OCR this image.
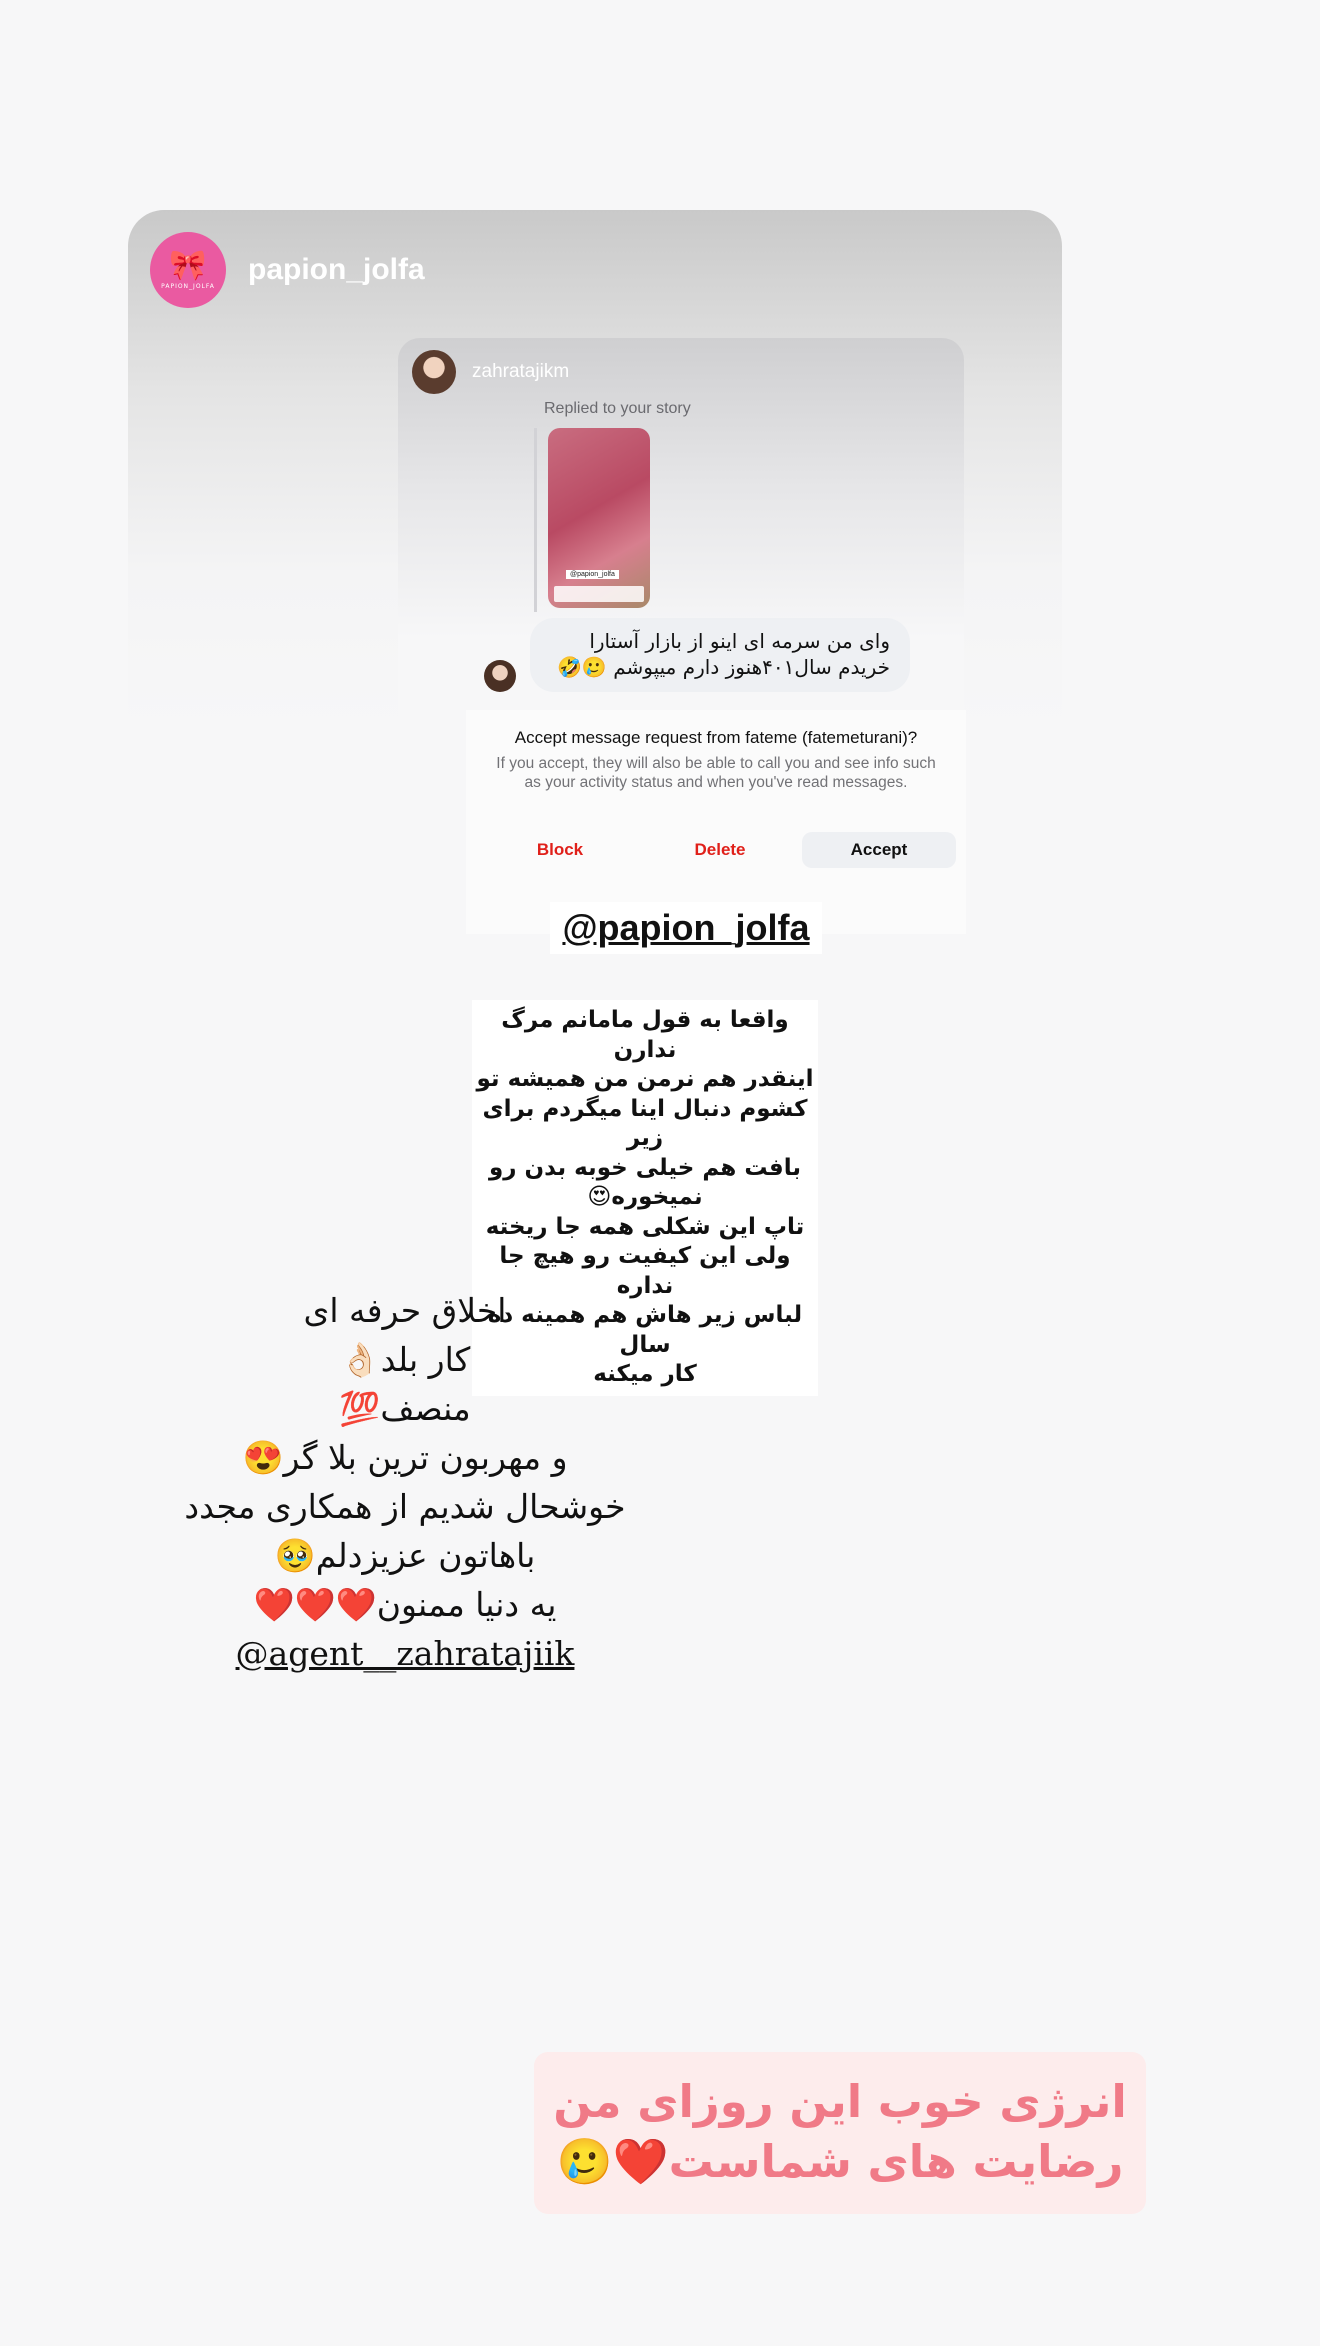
🎀
PAPION_JOLFA papion_jolfa
zahratajikm
Replied to your story
@papion_jolfa
وای من سرمه ای اینو از بازار آستارا خریدم سال۴۰۱هنوز دارم میپوشم 🥲🤣
Accept message request from fateme (fatemeturani)?
If you accept, they will also be able to call you and see info such as your activity status and when you've read messages.
Block	Delete	Accept
@papion_jolfa

واقعا به قول مامانم مرگ ندارن

اینقدر هم نرمن من همیشه تو

کشوم دنبال اینا میگردم برای زیر

بافت هم خیلی خوبه بدن رو

نمیخوره😍

تاپ این شکلی همه جا ریخته

ولی این کیفیت رو هیچ جا نداره

لباس زیر هاش هم همینه ده سال

کار میکنه

اخلاق حرفه ای

کار بلد👌🏻

منصف💯

و مهربون ترین بلا گر😍

خوشحال شدیم از همکاری مجدد

باهاتون عزیزدلم🥹

یه دنیا ممنون❤️❤️❤️

@agent__zahratajiik

انرژی خوب این روزای من

رضایت های شماست❤️🥲
